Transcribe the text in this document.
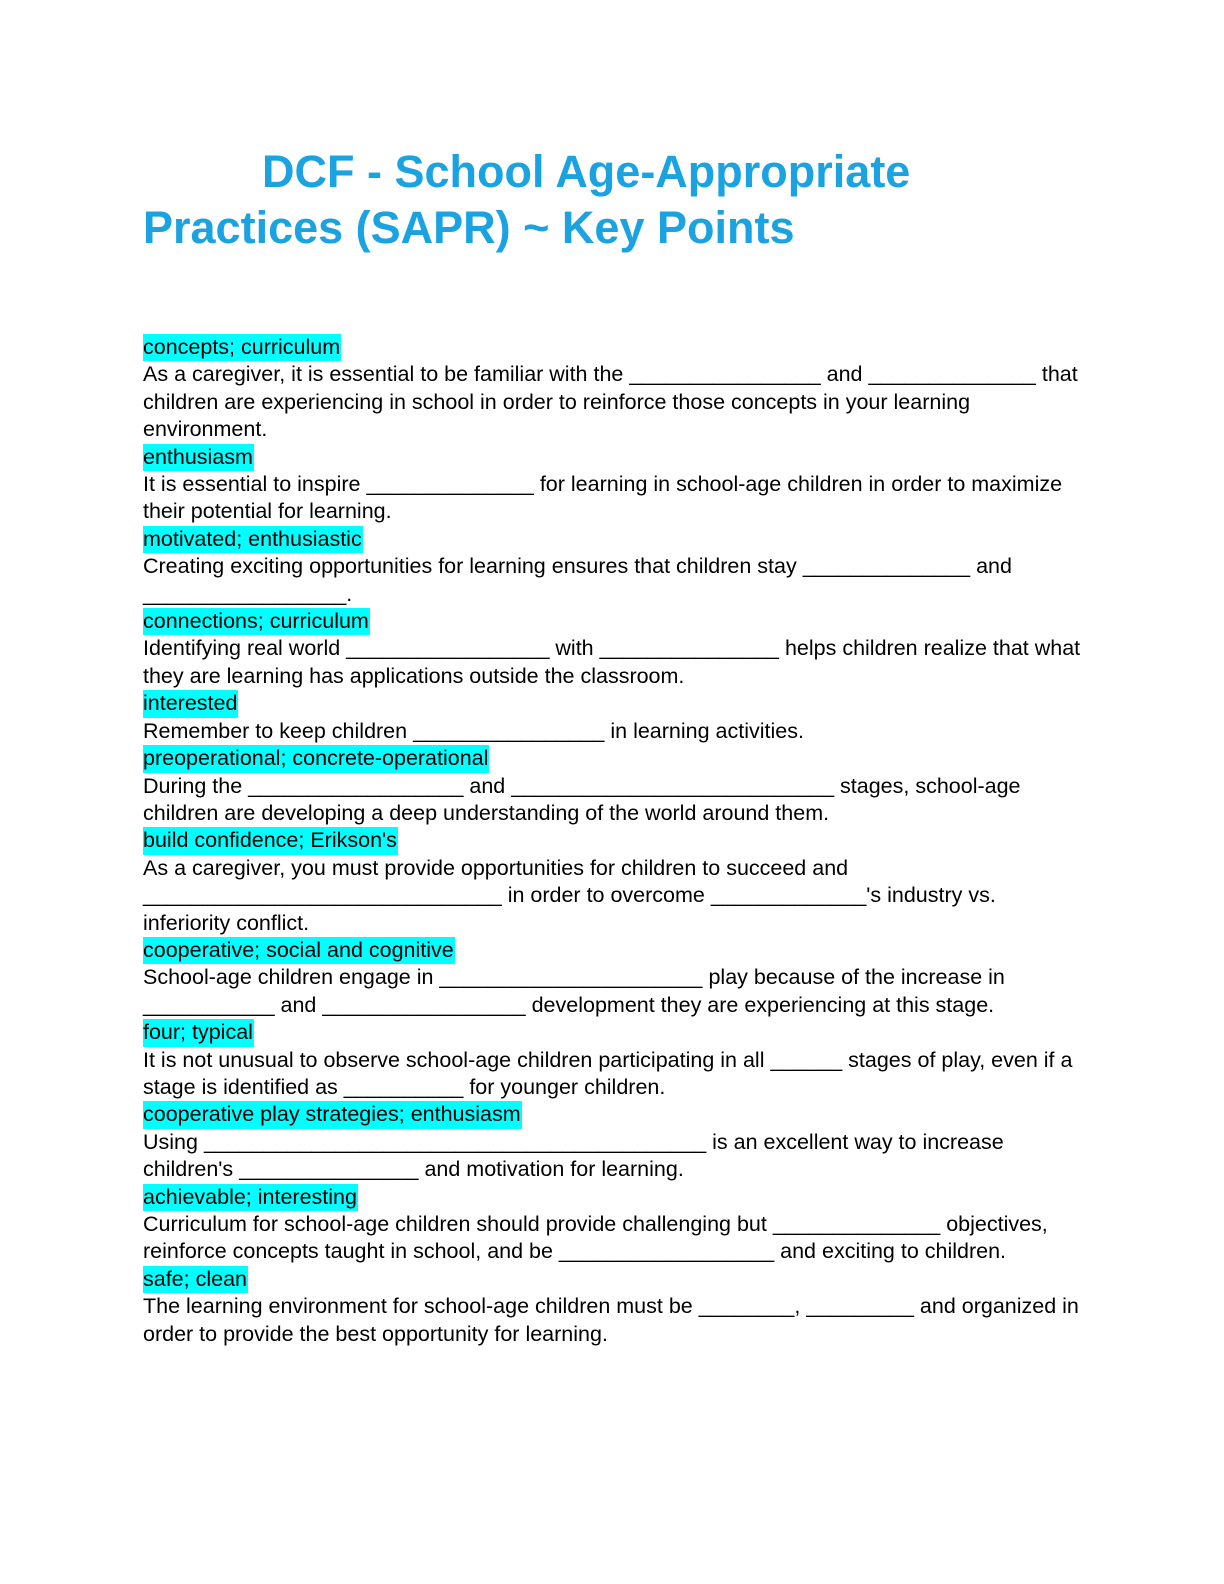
DCF - School Age-Appropriate
Practices (SAPR) ~ Key Points
concepts; curriculum

As a caregiver, it is essential to be familiar with the ________________ and ______________ that children are experiencing in school in order to reinforce those concepts in your learning environment.

enthusiasm

It is essential to inspire ______________ for learning in school-age children in order to maximize their potential for learning.

motivated; enthusiastic

Creating exciting opportunities for learning ensures that children stay ______________ and _________________.

connections; curriculum

Identifying real world _________________ with _______________ helps children realize that what they are learning has applications outside the classroom.

interested

Remember to keep children ________________ in learning activities.

preoperational; concrete-operational

During the __________________ and ___________________________ stages, school-age children are developing a deep understanding of the world around them.

build confidence; Erikson's

As a caregiver, you must provide opportunities for children to succeed and ______________________________ in order to overcome _____________'s industry vs. inferiority conflict.

cooperative; social and cognitive

School-age children engage in ______________________ play because of the increase in ___________ and _________________ development they are experiencing at this stage.

four; typical

It is not unusual to observe school-age children participating in all ______ stages of play, even if a stage is identified as __________ for younger children.

cooperative play strategies; enthusiasm

Using __________________________________________ is an excellent way to increase children's _______________ and motivation for learning.

achievable; interesting

Curriculum for school-age children should provide challenging but ______________ objectives, reinforce concepts taught in school, and be __________________ and exciting to children.

safe; clean

The learning environment for school-age children must be ________, _________ and organized in order to provide the best opportunity for learning.
